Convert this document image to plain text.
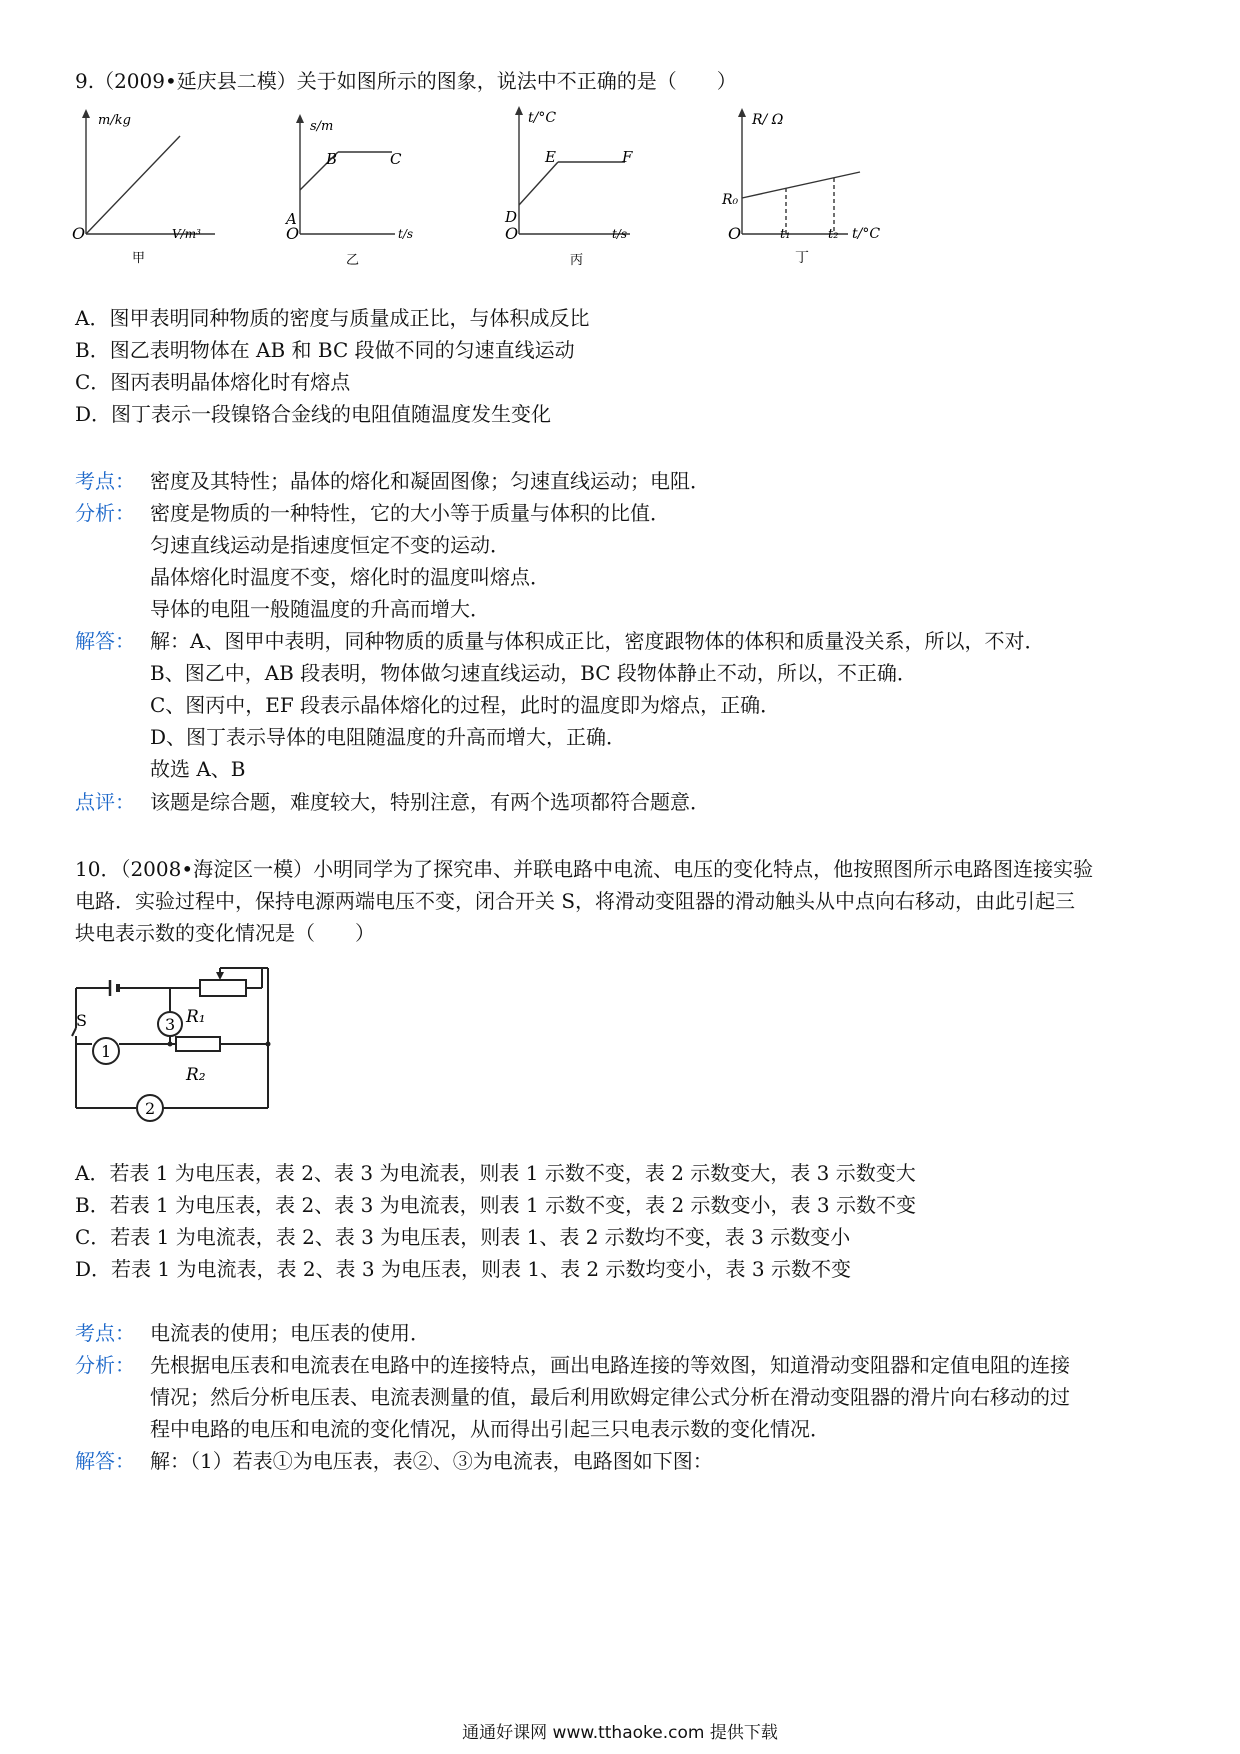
9.（2009•延庆县二模）关于如图所示的图象，说法中不正确的是（　　）
m/kg
V/m³
O
甲
s/m
t/s
O
A
B	C
乙
t/°C
t/s
O
D
E	F
丙
R/ Ω
t/°C
O
R₀
t₁	t₂
丁
A．图甲表明同种物质的密度与质量成正比，与体积成反比
B．图乙表明物体在 AB 和 BC 段做不同的匀速直线运动
C．图丙表明晶体熔化时有熔点
D．图丁表示一段镍铬合金线的电阻值随温度发生变化
考点： 密度及其特性；晶体的熔化和凝固图像；匀速直线运动；电阻．
分析： 密度是物质的一种特性，它的大小等于质量与体积的比值．
匀速直线运动是指速度恒定不变的运动．
晶体熔化时温度不变，熔化时的温度叫熔点．
导体的电阻一般随温度的升高而增大．
解答： 解：A、图甲中表明，同种物质的质量与体积成正比，密度跟物体的体积和质量没关系，所以，不对．
B、图乙中，AB 段表明，物体做匀速直线运动，BC 段物体静止不动，所以，不正确．
C、图丙中，EF 段表示晶体熔化的过程，此时的温度即为熔点，正确．
D、图丁表示导体的电阻随温度的升高而增大，正确．
故选 A、B
点评： 该题是综合题，难度较大，特别注意，有两个选项都符合题意．
10．（2008•海淀区一模）小明同学为了探究串、并联电路中电流、电压的变化特点，他按照图所示电路图连接实验
电路．实验过程中，保持电源两端电压不变，闭合开关 S，将滑动变阻器的滑动触头从中点向右移动，由此引起三
块电表示数的变化情况是（　　）
S
1
2
3 R₁
R₂
A．若表 1 为电压表，表 2、表 3 为电流表，则表 1 示数不变，表 2 示数变大，表 3 示数变大
B．若表 1 为电压表，表 2、表 3 为电流表，则表 1 示数不变，表 2 示数变小，表 3 示数不变
C．若表 1 为电流表，表 2、表 3 为电压表，则表 1、表 2 示数均不变，表 3 示数变小
D．若表 1 为电流表，表 2、表 3 为电压表，则表 1、表 2 示数均变小，表 3 示数不变
考点： 电流表的使用；电压表的使用．
分析： 先根据电压表和电流表在电路中的连接特点，画出电路连接的等效图，知道滑动变阻器和定值电阻的连接
情况；然后分析电压表、电流表测量的值，最后利用欧姆定律公式分析在滑动变阻器的滑片向右移动的过
程中电路的电压和电流的变化情况，从而得出引起三只电表示数的变化情况．
解答： 解：（1）若表①为电压表，表②、③为电流表，电路图如下图：
通通好课网 www.tthaoke.com 提供下载
